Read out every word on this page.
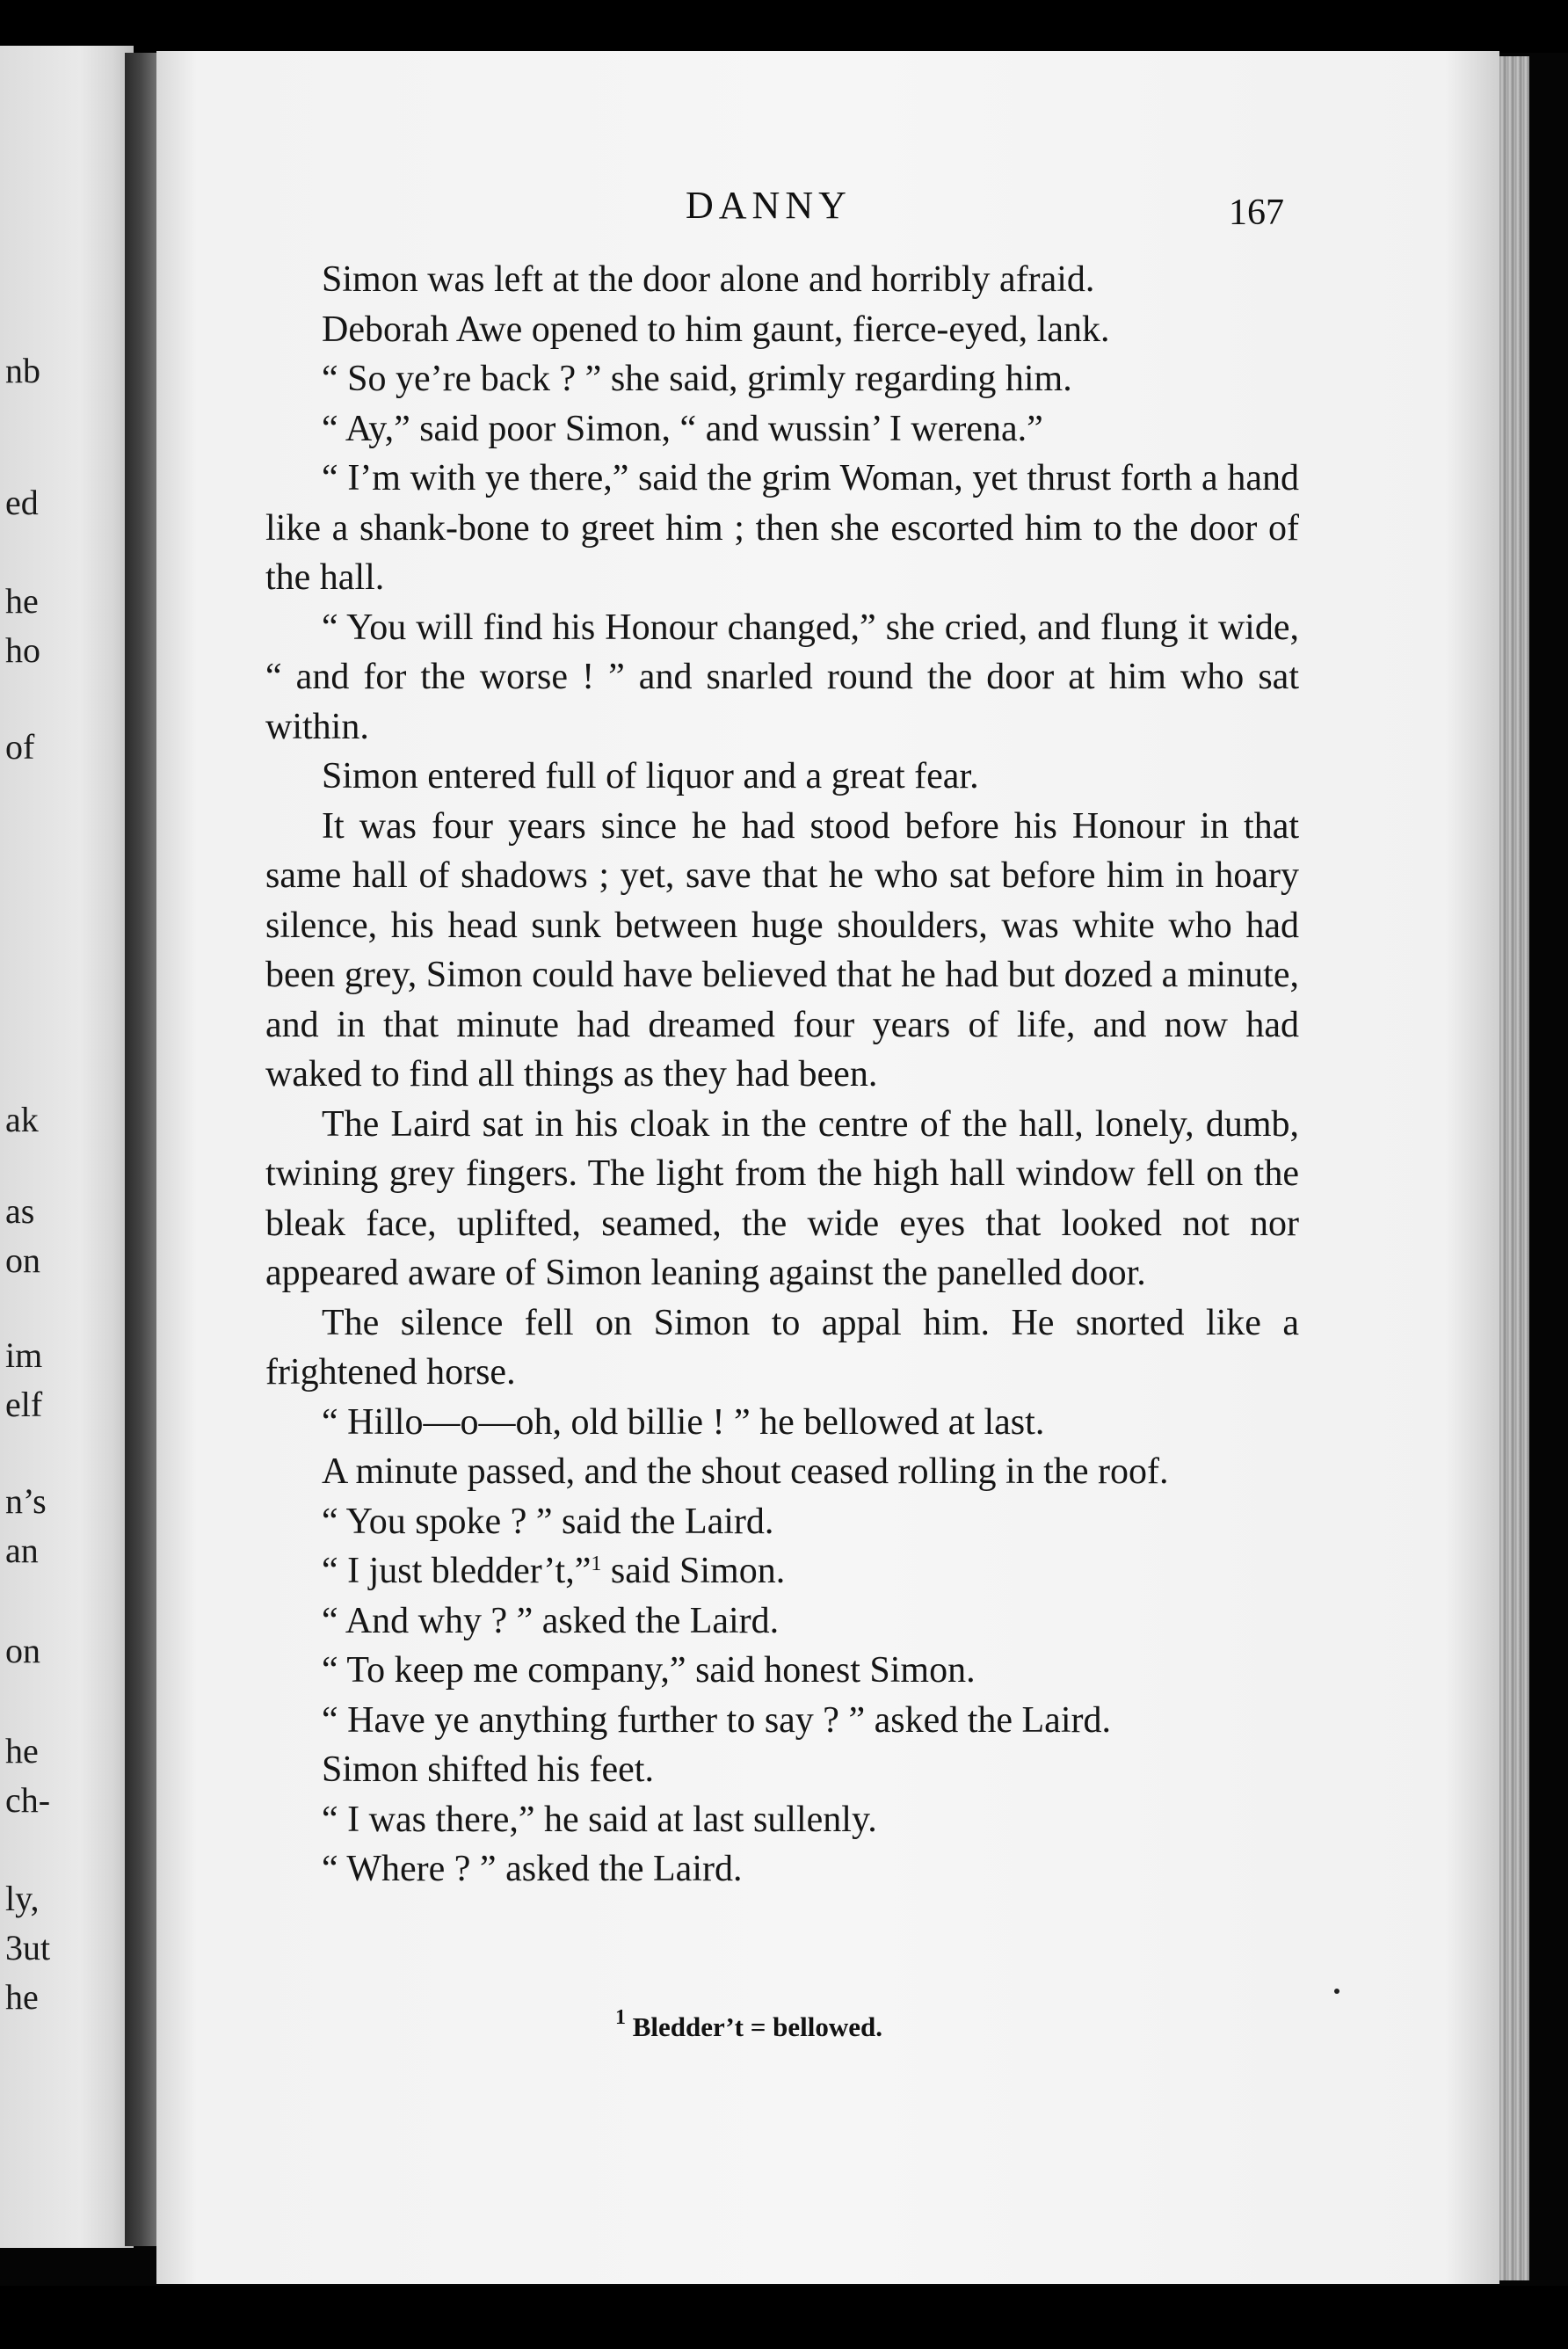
nb
ed
he
ho
of
ak
as
on
im
elf
n’s
an
on
he
ch-
ly,
3ut
he
DANNY	167

Simon was left at the door alone and horribly afraid.

Deborah Awe opened to him gaunt, fierce-eyed, lank.

“ So ye’re back ? ” she said, grimly regarding him.

“ Ay,” said poor Simon, “ and wussin’ I werena.”

“ I’m with ye there,” said the grim Woman, yet thrust forth a hand like a shank-bone to greet him ; then she escorted him to the door of the hall.

“ You will find his Honour changed,” she cried, and flung it wide, “ and for the worse ! ” and snarled round the door at him who sat within.

Simon entered full of liquor and a great fear.

It was four years since he had stood before his Honour in that same hall of shadows ; yet, save that he who sat before him in hoary silence, his head sunk between huge shoulders, was white who had been grey, Simon could have believed that he had but dozed a minute, and in that minute had dreamed four years of life, and now had waked to find all things as they had been.

The Laird sat in his cloak in the centre of the hall, lonely, dumb, twining grey fingers. The light from the high hall window fell on the bleak face, uplifted, seamed, the wide eyes that looked not nor appeared aware of Simon leaning against the panelled door.

The silence fell on Simon to appal him. He snorted like a frightened horse.

“ Hillo—o—oh, old billie ! ” he bellowed at last.

A minute passed, and the shout ceased rolling in the roof.

“ You spoke ? ” said the Laird.

“ I just bledder’t,”$^1$ said Simon.

“ And why ? ” asked the Laird.

“ To keep me company,” said honest Simon.

“ Have ye anything further to say ? ” asked the Laird.

Simon shifted his feet.

“ I was there,” he said at last sullenly.

“ Where ? ” asked the Laird.

$^1$ Bledder’t = bellowed.
